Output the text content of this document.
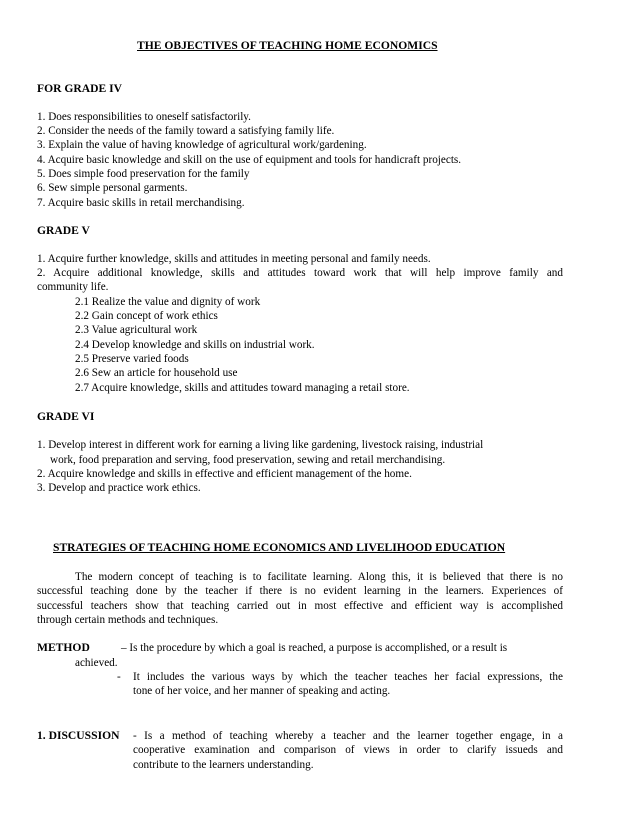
THE OBJECTIVES OF TEACHING HOME ECONOMICS
FOR GRADE IV
1. Does responsibilities to oneself satisfactorily.
2. Consider the needs of the family toward a satisfying family life.
3. Explain the value of having knowledge of agricultural work/gardening.
4. Acquire basic knowledge and skill on the use of equipment and tools for handicraft projects.
5. Does simple food preservation for the family
6. Sew simple personal garments.
7. Acquire basic skills in retail merchandising.
GRADE V
1. Acquire further knowledge, skills and attitudes in meeting personal and family needs.
2. Acquire additional knowledge, skills and attitudes toward work that will help improve family and
community life.
2.1 Realize the value and dignity of work
2.2 Gain concept of work ethics
2.3 Value agricultural work
2.4 Develop knowledge and skills on industrial work.
2.5 Preserve varied foods
2.6 Sew an article for household use
2.7 Acquire knowledge, skills and attitudes toward managing a retail store.
GRADE VI
1. Develop interest in different work for earning a living like gardening, livestock raising, industrial
work, food preparation and serving, food preservation, sewing and retail merchandising.
2. Acquire knowledge and skills in effective and efficient management of the home.
3. Develop and practice work ethics.
STRATEGIES OF TEACHING HOME ECONOMICS AND LIVELIHOOD EDUCATION
The modern concept of teaching is to facilitate learning. Along this, it is believed that there is no
successful teaching done by the teacher if there is no evident learning in the learners. Experiences of
successful teachers show that teaching carried out in most effective and efficient way is accomplished
through certain methods and techniques.
METHOD	– Is the procedure by which a goal is reached, a purpose is accomplished, or a result is
achieved.
- It includes the various ways by which the teacher teaches her facial expressions, the
tone of her voice, and her manner of speaking and acting.
1. DISCUSSION - Is a method of teaching whereby a teacher and the learner together engage, in a
cooperative examination and comparison of views in order to clarify issueds and
contribute to the learners understanding.
